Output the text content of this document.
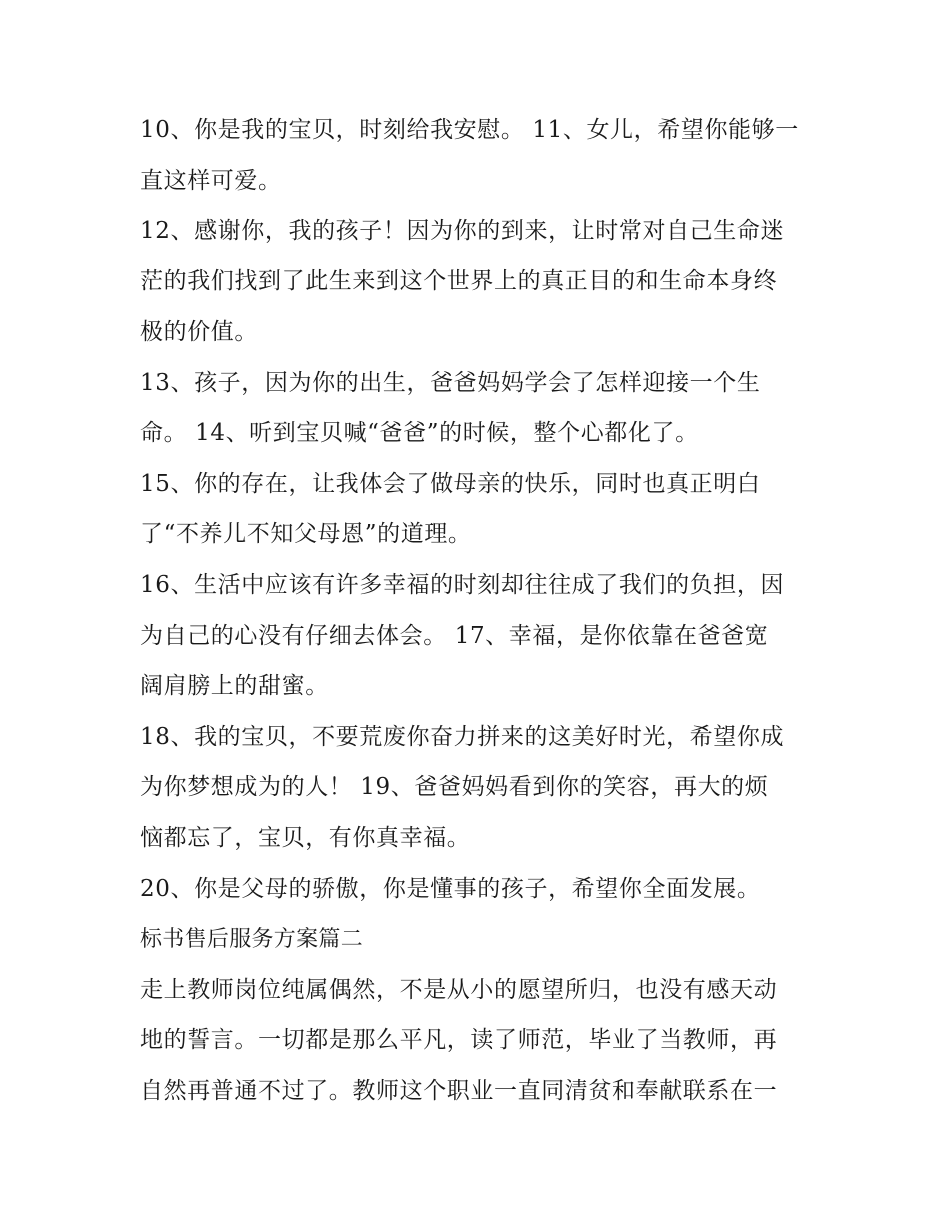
10、你是我的宝贝，时刻给我安慰。 11、女儿，希望你能够一
直这样可爱。
12、感谢你，我的孩子！因为你的到来，让时常对自己生命迷
茫的我们找到了此生来到这个世界上的真正目的和生命本身终
极的价值。
13、孩子，因为你的出生，爸爸妈妈学会了怎样迎接一个生
命。 14、听到宝贝喊“爸爸”的时候，整个心都化了。
15、你的存在，让我体会了做母亲的快乐，同时也真正明白
了“不养儿不知父母恩”的道理。
16、生活中应该有许多幸福的时刻却往往成了我们的负担，因
为自己的心没有仔细去体会。 17、幸福，是你依靠在爸爸宽
阔肩膀上的甜蜜。
18、我的宝贝，不要荒废你奋力拼来的这美好时光，希望你成
为你梦想成为的人！ 19、爸爸妈妈看到你的笑容，再大的烦
恼都忘了，宝贝，有你真幸福。
20、你是父母的骄傲，你是懂事的孩子，希望你全面发展。
标书售后服务方案篇二
走上教师岗位纯属偶然，不是从小的愿望所归，也没有感天动
地的誓言。一切都是那么平凡，读了师范，毕业了当教师，再
自然再普通不过了。教师这个职业一直同清贫和奉献联系在一
